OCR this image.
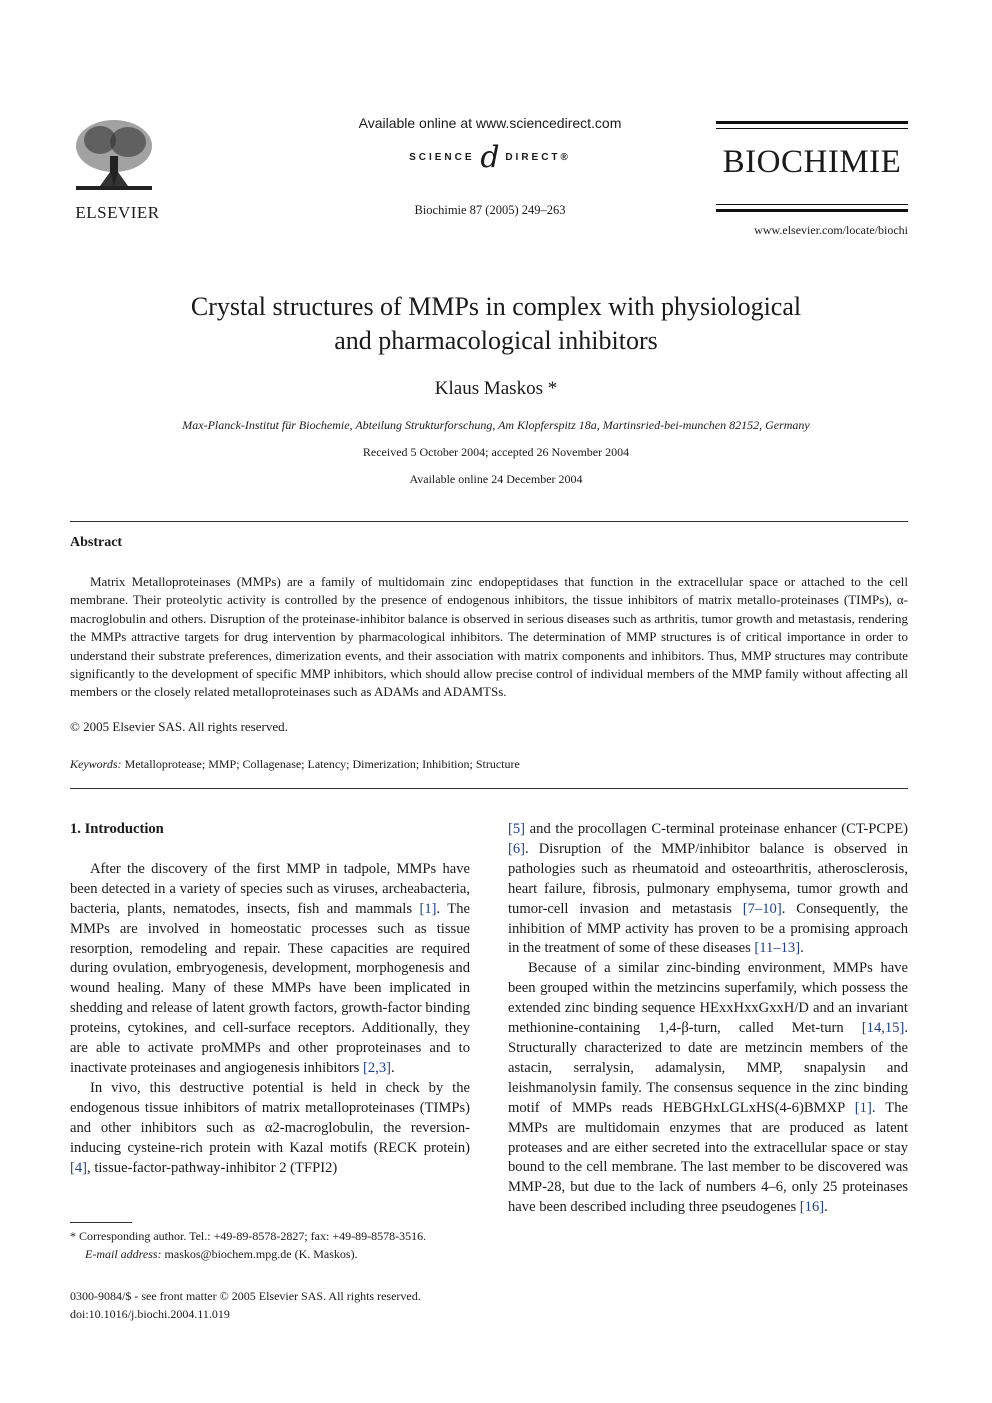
ELSEVIER
Available online at www.sciencedirect.com
SCIENCE d DIRECT®
Biochimie 87 (2005) 249–263
BIOCHIMIE
www.elsevier.com/locate/biochi
Crystal structures of MMPs in complex with physiological
and pharmacological inhibitors
Klaus Maskos *
Max-Planck-Institut für Biochemie, Abteilung Strukturforschung, Am Klopferspitz 18a, Martinsried-bei-munchen 82152, Germany
Received 5 October 2004; accepted 26 November 2004
Available online 24 December 2004
Abstract

Matrix Metalloproteinases (MMPs) are a family of multidomain zinc endopeptidases that function in the extracellular space or attached to the cell membrane. Their proteolytic activity is controlled by the presence of endogenous inhibitors, the tissue inhibitors of matrix metallo-proteinases (TIMPs), α-macroglobulin and others. Disruption of the proteinase-inhibitor balance is observed in serious diseases such as arthritis, tumor growth and metastasis, rendering the MMPs attractive targets for drug intervention by pharmacological inhibitors. The determination of MMP structures is of critical importance in order to understand their substrate preferences, dimerization events, and their association with matrix components and inhibitors. Thus, MMP structures may contribute significantly to the development of specific MMP inhibitors, which should allow precise control of individual members of the MMP family without affecting all members or the closely related metalloproteinases such as ADAMs and ADAMTSs.

© 2005 Elsevier SAS. All rights reserved.
Keywords: Metalloprotease; MMP; Collagenase; Latency; Dimerization; Inhibition; Structure

1. Introduction

After the discovery of the first MMP in tadpole, MMPs have been detected in a variety of species such as viruses, archeabacteria, bacteria, plants, nematodes, insects, fish and mammals [1]. The MMPs are involved in homeostatic processes such as tissue resorption, remodeling and repair. These capacities are required during ovulation, embryogenesis, development, morphogenesis and wound healing. Many of these MMPs have been implicated in shedding and release of latent growth factors, growth-factor binding proteins, cytokines, and cell-surface receptors. Additionally, they are able to activate proMMPs and other proproteinases and to inactivate proteinases and angiogenesis inhibitors [2,3].

In vivo, this destructive potential is held in check by the endogenous tissue inhibitors of matrix metalloproteinases (TIMPs) and other inhibitors such as α2-macroglobulin, the reversion-inducing cysteine-rich protein with Kazal motifs (RECK protein) [4], tissue-factor-pathway-inhibitor 2 (TFPI2)

[5] and the procollagen C-terminal proteinase enhancer (CT-PCPE) [6]. Disruption of the MMP/inhibitor balance is observed in pathologies such as rheumatoid and osteoarthritis, atherosclerosis, heart failure, fibrosis, pulmonary emphysema, tumor growth and tumor-cell invasion and metastasis [7–10]. Consequently, the inhibition of MMP activity has proven to be a promising approach in the treatment of some of these diseases [11–13].

Because of a similar zinc-binding environment, MMPs have been grouped within the metzincins superfamily, which possess the extended zinc binding sequence HExxHxxGxxH/D and an invariant methionine-containing 1,4-β-turn, called Met-turn [14,15]. Structurally characterized to date are metzincin members of the astacin, serralysin, adamalysin, MMP, snapalysin and leishmanolysin family. The consensus sequence in the zinc binding motif of MMPs reads HEBGHxLGLxHS(4-6)BMXP [1]. The MMPs are multidomain enzymes that are produced as latent proteases and are either secreted into the extracellular space or stay bound to the cell membrane. The last member to be discovered was MMP-28, but due to the lack of numbers 4–6, only 25 proteinases have been described including three pseudogenes [16].

* Corresponding author. Tel.: +49-89-8578-2827; fax: +49-89-8578-3516.
E-mail address: maskos@biochem.mpg.de (K. Maskos).
0300-9084/$ - see front matter © 2005 Elsevier SAS. All rights reserved.
doi:10.1016/j.biochi.2004.11.019
